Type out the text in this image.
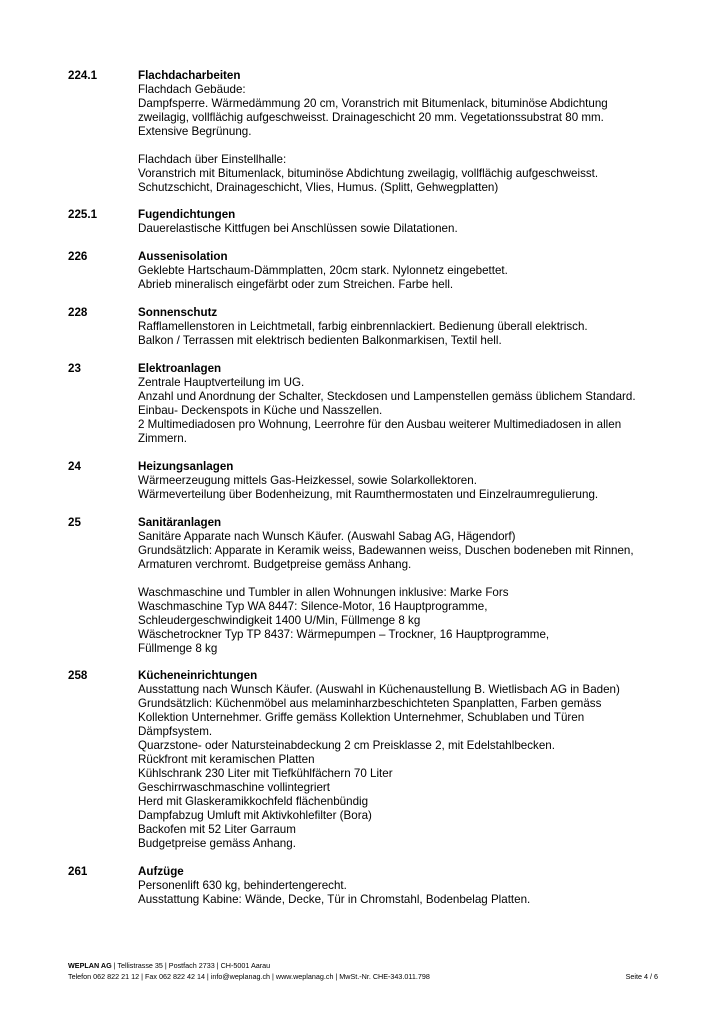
224.1	Flachdacharbeiten
Flachdach Gebäude:
Dampfsperre. Wärmedämmung 20 cm, Voranstrich mit Bitumenlack, bituminöse Abdichtung
zweilagig, vollflächig aufgeschweisst. Drainageschicht 20 mm. Vegetationssubstrat 80 mm.
Extensive Begrünung.
Flachdach über Einstellhalle:
Voranstrich mit Bitumenlack, bituminöse Abdichtung zweilagig, vollflächig aufgeschweisst.
Schutzschicht, Drainageschicht, Vlies, Humus. (Splitt, Gehwegplatten)
225.1	Fugendichtungen
Dauerelastische Kittfugen bei Anschlüssen sowie Dilatationen.
226	Aussenisolation
Geklebte Hartschaum-Dämmplatten, 20cm stark. Nylonnetz eingebettet.
Abrieb mineralisch eingefärbt oder zum Streichen. Farbe hell.
228	Sonnenschutz
Rafflamellenstoren in Leichtmetall, farbig einbrennlackiert. Bedienung überall elektrisch.
Balkon / Terrassen mit elektrisch bedienten Balkonmarkisen, Textil hell.
23	Elektroanlagen
Zentrale Hauptverteilung im UG.
Anzahl und Anordnung der Schalter, Steckdosen und Lampenstellen gemäss üblichem Standard.
Einbau- Deckenspots in Küche und Nasszellen.
2 Multimediadosen pro Wohnung, Leerrohre für den Ausbau weiterer Multimediadosen in allen
Zimmern.
24	Heizungsanlagen
Wärmeerzeugung mittels Gas-Heizkessel, sowie Solarkollektoren.
Wärmeverteilung über Bodenheizung, mit Raumthermostaten und Einzelraumregulierung.
25	Sanitäranlagen
Sanitäre Apparate nach Wunsch Käufer. (Auswahl Sabag AG, Hägendorf)
Grundsätzlich: Apparate in Keramik weiss, Badewannen weiss, Duschen bodeneben mit Rinnen,
Armaturen verchromt. Budgetpreise gemäss Anhang.
Waschmaschine und Tumbler in allen Wohnungen inklusive: Marke Fors
Waschmaschine Typ WA 8447: Silence-Motor, 16 Hauptprogramme,
Schleudergeschwindigkeit 1400 U/Min, Füllmenge 8 kg
Wäschetrockner Typ TP 8437: Wärmepumpen – Trockner, 16 Hauptprogramme,
Füllmenge 8 kg
258	Kücheneinrichtungen
Ausstattung nach Wunsch Käufer. (Auswahl in Küchenaustellung B. Wietlisbach AG in Baden)
Grundsätzlich: Küchenmöbel aus melaminharzbeschichteten Spanplatten, Farben gemäss
Kollektion Unternehmer. Griffe gemäss Kollektion Unternehmer, Schublaben und Türen
Dämpfsystem.
Quarzstone- oder Natursteinabdeckung 2 cm Preisklasse 2, mit Edelstahlbecken.
Rückfront mit keramischen Platten
Kühlschrank 230 Liter mit Tiefkühlfächern 70 Liter
Geschirrwaschmaschine vollintegriert
Herd mit Glaskeramikkochfeld flächenbündig
Dampfabzug Umluft mit Aktivkohlefilter (Bora)
Backofen mit 52 Liter Garraum
Budgetpreise gemäss Anhang.
261	Aufzüge
Personenlift 630 kg, behindertengerecht.
Ausstattung Kabine: Wände, Decke, Tür in Chromstahl, Bodenbelag Platten.
WEPLAN AG | Tellistrasse 35 | Postfach 2733 | CH-5001 Aarau
Telefon 062 822 21 12 | Fax 062 822 42 14 | info@weplanag.ch | www.weplanag.ch | MwSt.-Nr. CHE-343.011.798	Seite 4 / 6
